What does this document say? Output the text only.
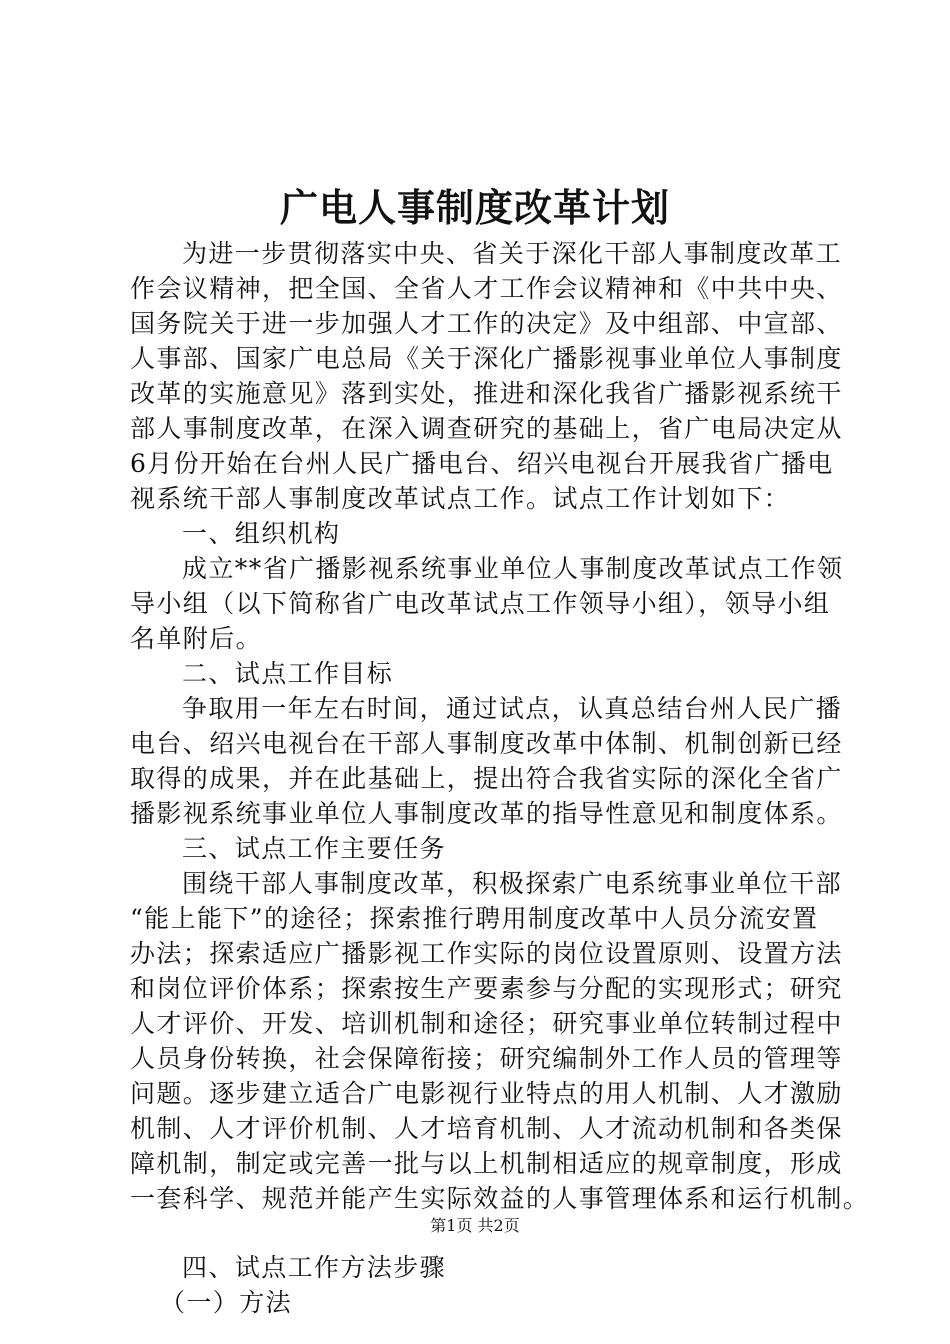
广电人事制度改革计划

为进一步贯彻落实中央、省关于深化干部人事制度改革工

作会议精神，把全国、全省人才工作会议精神和《中共中央、

国务院关于进一步加强人才工作的决定》及中组部、中宣部、

人事部、国家广电总局《关于深化广播影视事业单位人事制度

改革的实施意见》落到实处，推进和深化我省广播影视系统干

部人事制度改革，在深入调查研究的基础上，省广电局决定从

6月份开始在台州人民广播电台、绍兴电视台开展我省广播电

视系统干部人事制度改革试点工作。试点工作计划如下：

一、组织机构

成立**省广播影视系统事业单位人事制度改革试点工作领

导小组（以下简称省广电改革试点工作领导小组），领导小组

名单附后。

二、试点工作目标

争取用一年左右时间，通过试点，认真总结台州人民广播

电台、绍兴电视台在干部人事制度改革中体制、机制创新已经

取得的成果，并在此基础上，提出符合我省实际的深化全省广

播影视系统事业单位人事制度改革的指导性意见和制度体系。

三、试点工作主要任务

围绕干部人事制度改革，积极探索广电系统事业单位干部

“能上能下”的途径；探索推行聘用制度改革中人员分流安置

办法；探索适应广播影视工作实际的岗位设置原则、设置方法

和岗位评价体系；探索按生产要素参与分配的实现形式；研究

人才评价、开发、培训机制和途径；研究事业单位转制过程中

人员身份转换，社会保障衔接；研究编制外工作人员的管理等

问题。逐步建立适合广电影视行业特点的用人机制、人才激励

机制、人才评价机制、人才培育机制、人才流动机制和各类保

障机制，制定或完善一批与以上机制相适应的规章制度，形成

一套科学、规范并能产生实际效益的人事管理体系和运行机制。

四、试点工作方法步骤

（一）方法

第1页 共2页
